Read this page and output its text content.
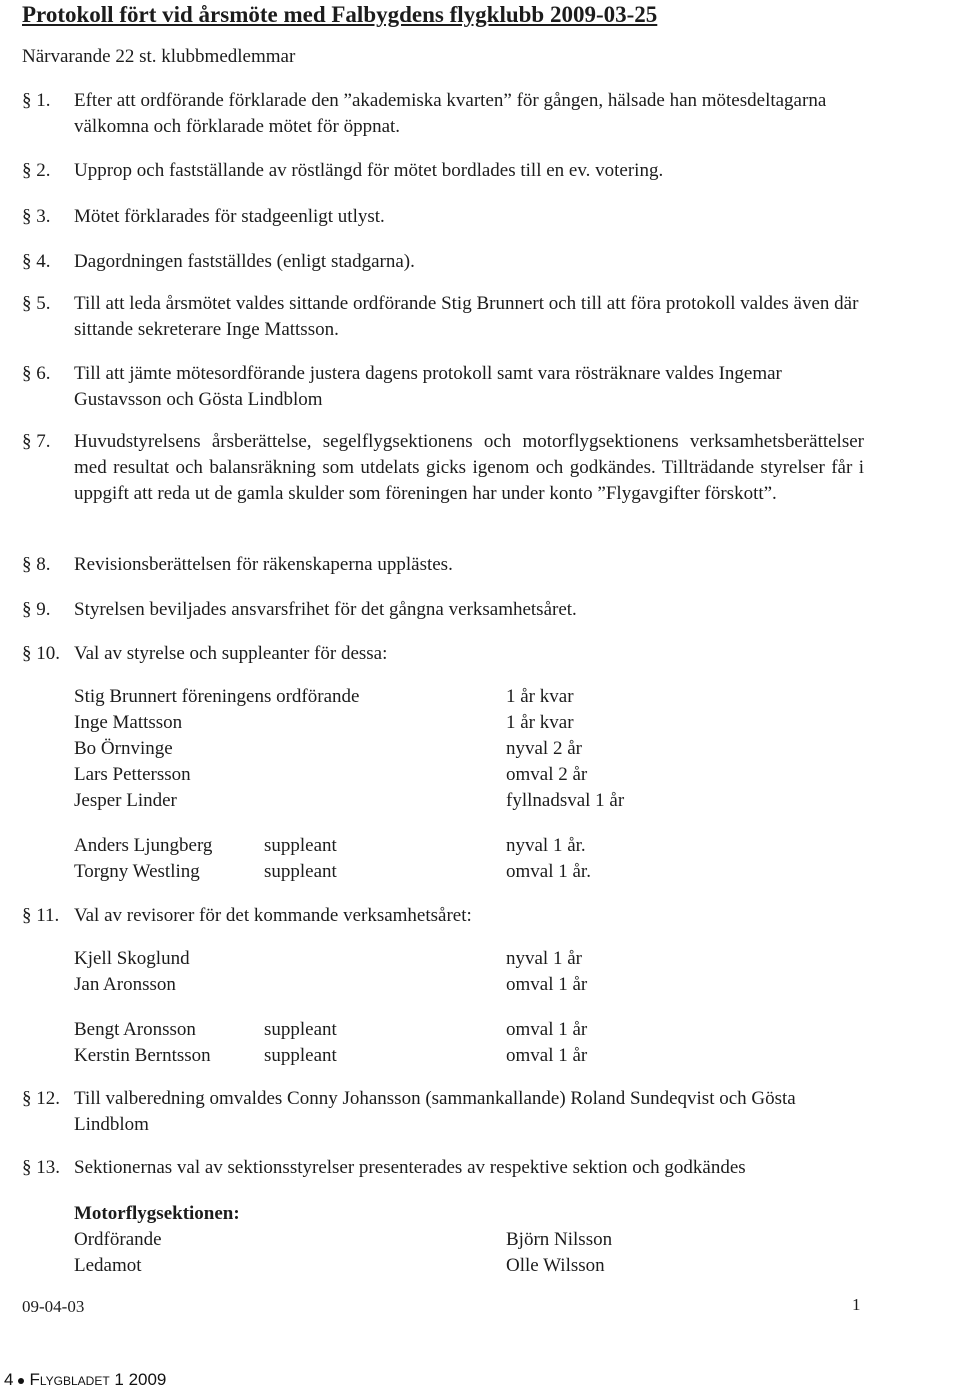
Protokoll fört vid årsmöte med Falbygdens flygklubb 2009-03-25
Närvarande 22 st. klubbmedlemmar
§ 1. Efter att ordförande förklarade den ”akademiska kvarten” för gången, hälsade han mötesdeltagarna välkomna och förklarade mötet för öppnat.
§ 2. Upprop och fastställande av röstlängd för mötet bordlades till en ev. votering.
§ 3. Mötet förklarades för stadgeenligt utlyst.
§ 4. Dagordningen fastställdes (enligt stadgarna).
§ 5. Till att leda årsmötet valdes sittande ordförande Stig Brunnert och till att föra protokoll valdes även där sittande sekreterare Inge Mattsson.
§ 6. Till att jämte mötesordförande justera dagens protokoll samt vara rösträknare valdes Ingemar Gustavsson och Gösta Lindblom
§ 7. Huvudstyrelsens årsberättelse, segelflygsektionens och motorflygsektionens verksamhetsberättelser med resultat och balansräkning som utdelats gicks igenom och godkändes. Tillträdande styrelser får i uppgift att reda ut de gamla skulder som föreningen har under konto ”Flygavgifter förskott”.
§ 8. Revisionsberättelsen för räkenskaperna upplästes.
§ 9. Styrelsen beviljades ansvarsfrihet för det gångna verksamhetsåret.
§ 10. Val av styrelse och suppleanter för dessa:
Stig Brunnert föreningens ordförande	1 år kvar
Inge Mattsson	1 år kvar
Bo Örnvinge	nyval 2 år
Lars Pettersson	omval 2 år
Jesper Linder	fyllnadsval 1 år
Anders Ljungberg	suppleant	nyval 1 år.
Torgny Westling	suppleant	omval 1 år.
§ 11. Val av revisorer för det kommande verksamhetsåret:
Kjell Skoglund	nyval 1 år
Jan Aronsson	omval 1 år
Bengt Aronsson	suppleant	omval 1 år
Kerstin Berntsson	suppleant	omval 1 år
§ 12. Till valberedning omvaldes Conny Johansson (sammankallande) Roland Sundeqvist och Gösta Lindblom
§ 13. Sektionernas val av sektionsstyrelser presenterades av respektive sektion och godkändes
Motorflygsektionen:
Ordförande	Björn Nilsson
Ledamot	Olle Wilsson
09-04-03	1
4 Flygbladet 1 2009
